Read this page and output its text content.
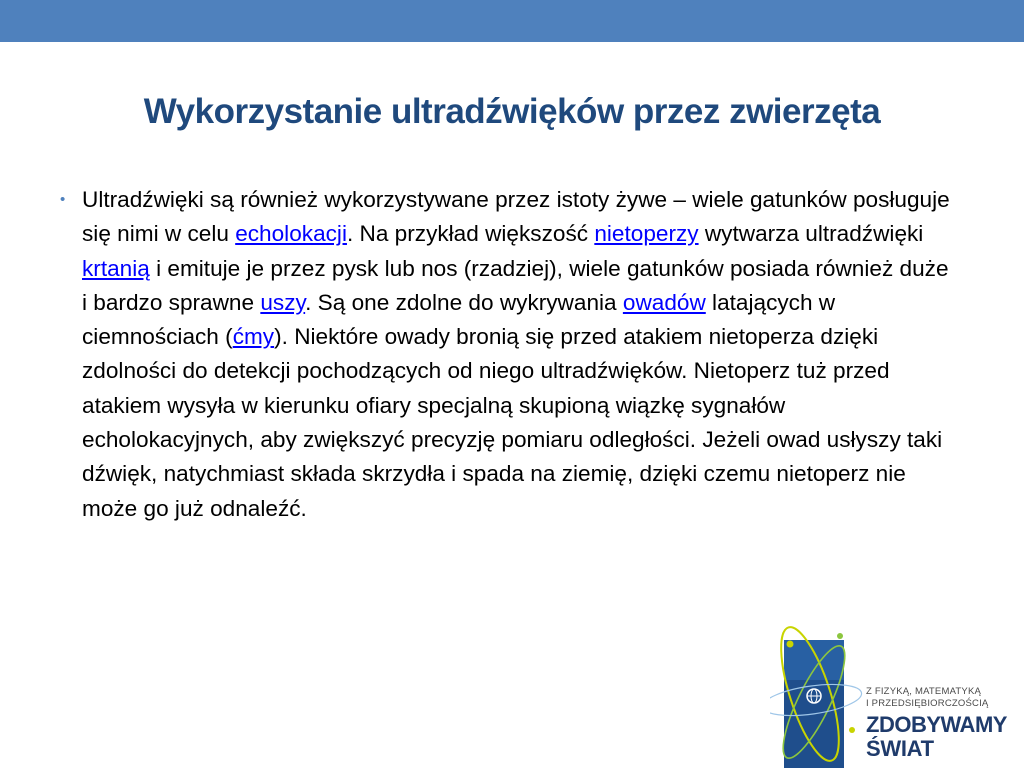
Wykorzystanie ultradźwięków przez zwierzęta
• Ultradźwięki są również wykorzystywane przez istoty żywe – wiele gatunków posługuje się nimi w celu echolokacji. Na przykład większość nietoperzy wytwarza ultradźwięki krtanią i emituje je przez pysk lub nos (rzadziej), wiele gatunków posiada również duże i bardzo sprawne uszy. Są one zdolne do wykrywania owadów latających w ciemnościach (ćmy). Niektóre owady bronią się przed atakiem nietoperza dzięki zdolności do detekcji pochodzących od niego ultradźwięków. Nietoperz tuż przed atakiem wysyła w kierunku ofiary specjalną skupioną wiązkę sygnałów echolokacyjnych, aby zwiększyć precyzję pomiaru odległości. Jeżeli owad usłyszy taki dźwięk, natychmiast składa skrzydła i spada na ziemię, dzięki czemu nietoperz nie może go już odnaleźć.
Z FIZYKĄ, MATEMATYKĄ
I PRZEDSIĘBIORCZOŚCIĄ
ZDOBYWAMY
ŚWIAT
